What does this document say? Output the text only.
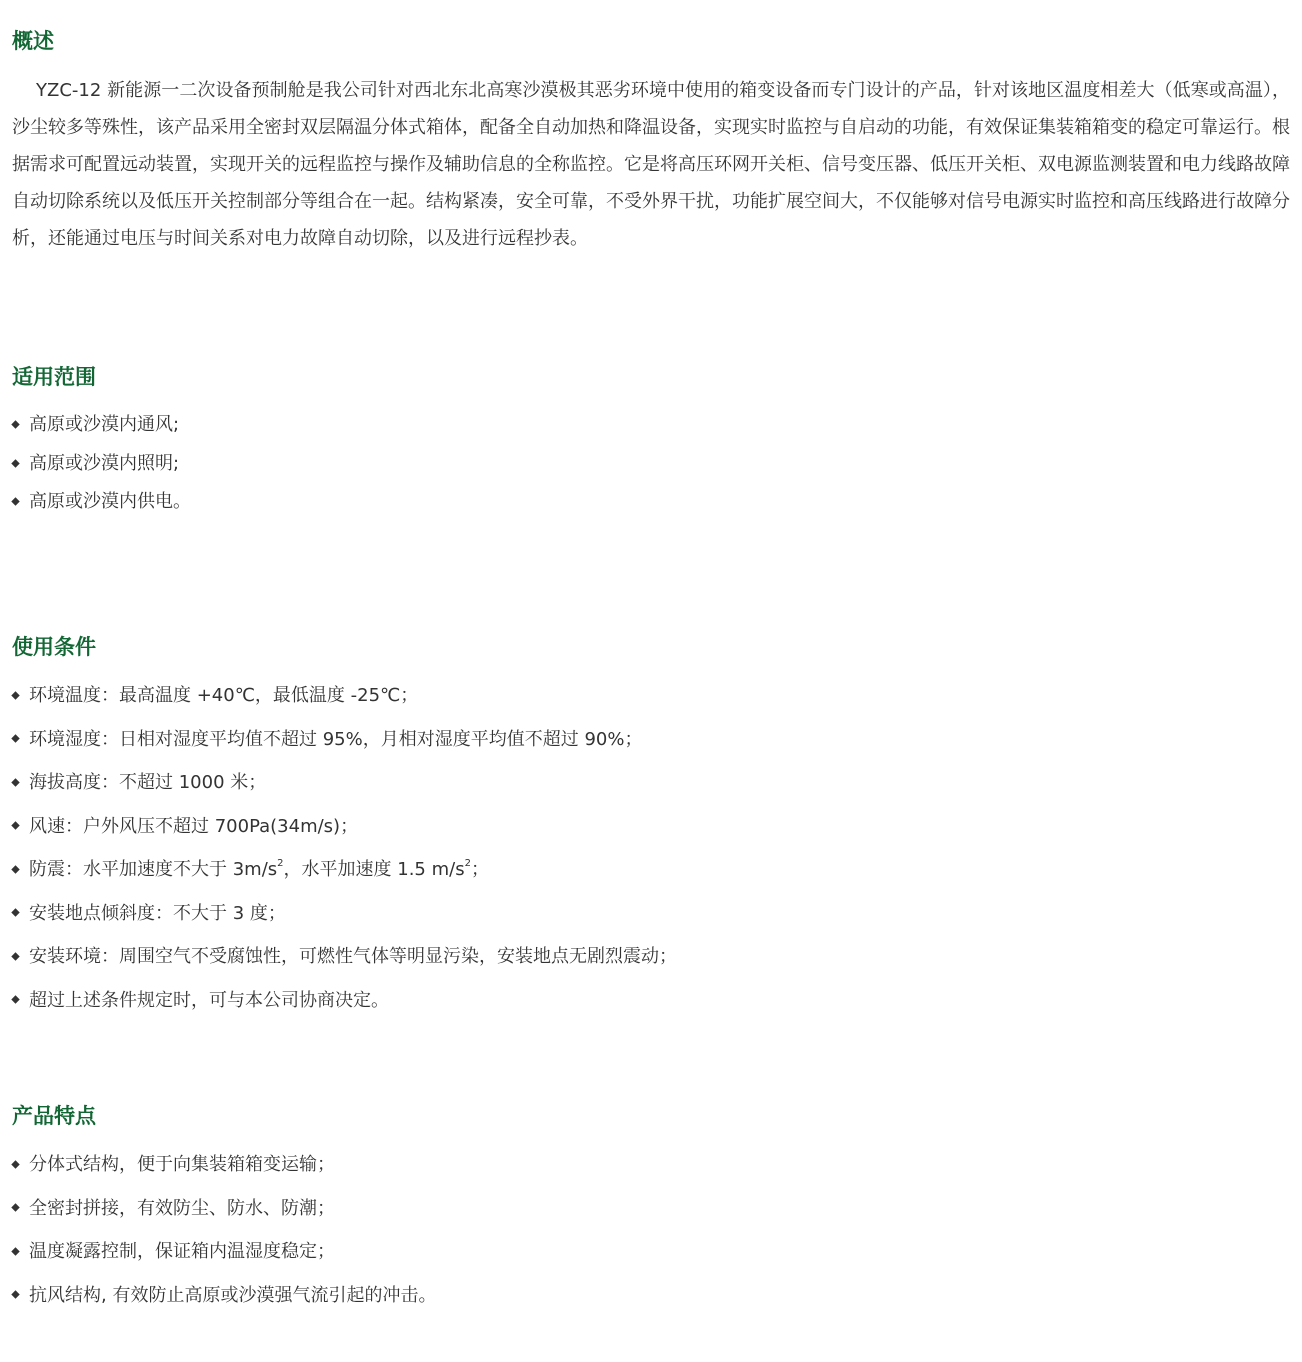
概述

YZC-12 新能源一二次设备预制舱是我公司针对西北东北高寒沙漠极其恶劣环境中使用的箱变设备而专门设计的产品，针对该地区温度相差大（低寒或高温），沙尘较多等殊性，该产品采用全密封双层隔温分体式箱体，配备全自动加热和降温设备，实现实时监控与自启动的功能，有效保证集装箱箱变的稳定可靠运行。根据需求可配置远动装置，实现开关的远程监控与操作及辅助信息的全称监控。它是将高压环网开关柜、信号变压器、低压开关柜、双电源监测装置和电力线路故障自动切除系统以及低压开关控制部分等组合在一起。结构紧凑，安全可靠，不受外界干扰，功能扩展空间大，不仅能够对信号电源实时监控和高压线路进行故障分析，还能通过电压与时间关系对电力故障自动切除，以及进行远程抄表。

适用范围
高原或沙漠内通风;
高原或沙漠内照明;
高原或沙漠内供电。
使用条件
环境温度：最高温度 +40℃，最低温度 -25℃；
环境湿度：日相对湿度平均值不超过 95%，月相对湿度平均值不超过 90%；
海拔高度：不超过 1000 米；
风速：户外风压不超过 700Pa(34m/s)；
防震：水平加速度不大于 $3m/s^2$，水平加速度 1.5 $m/s^2$；
安装地点倾斜度：不大于 3 度；
安装环境：周围空气不受腐蚀性，可燃性气体等明显污染，安装地点无剧烈震动；
超过上述条件规定时，可与本公司协商决定。
产品特点
分体式结构，便于向集装箱箱变运输；
全密封拼接，有效防尘、防水、防潮；
温度凝露控制，保证箱内温湿度稳定；
抗风结构, 有效防止高原或沙漠强气流引起的冲击。
